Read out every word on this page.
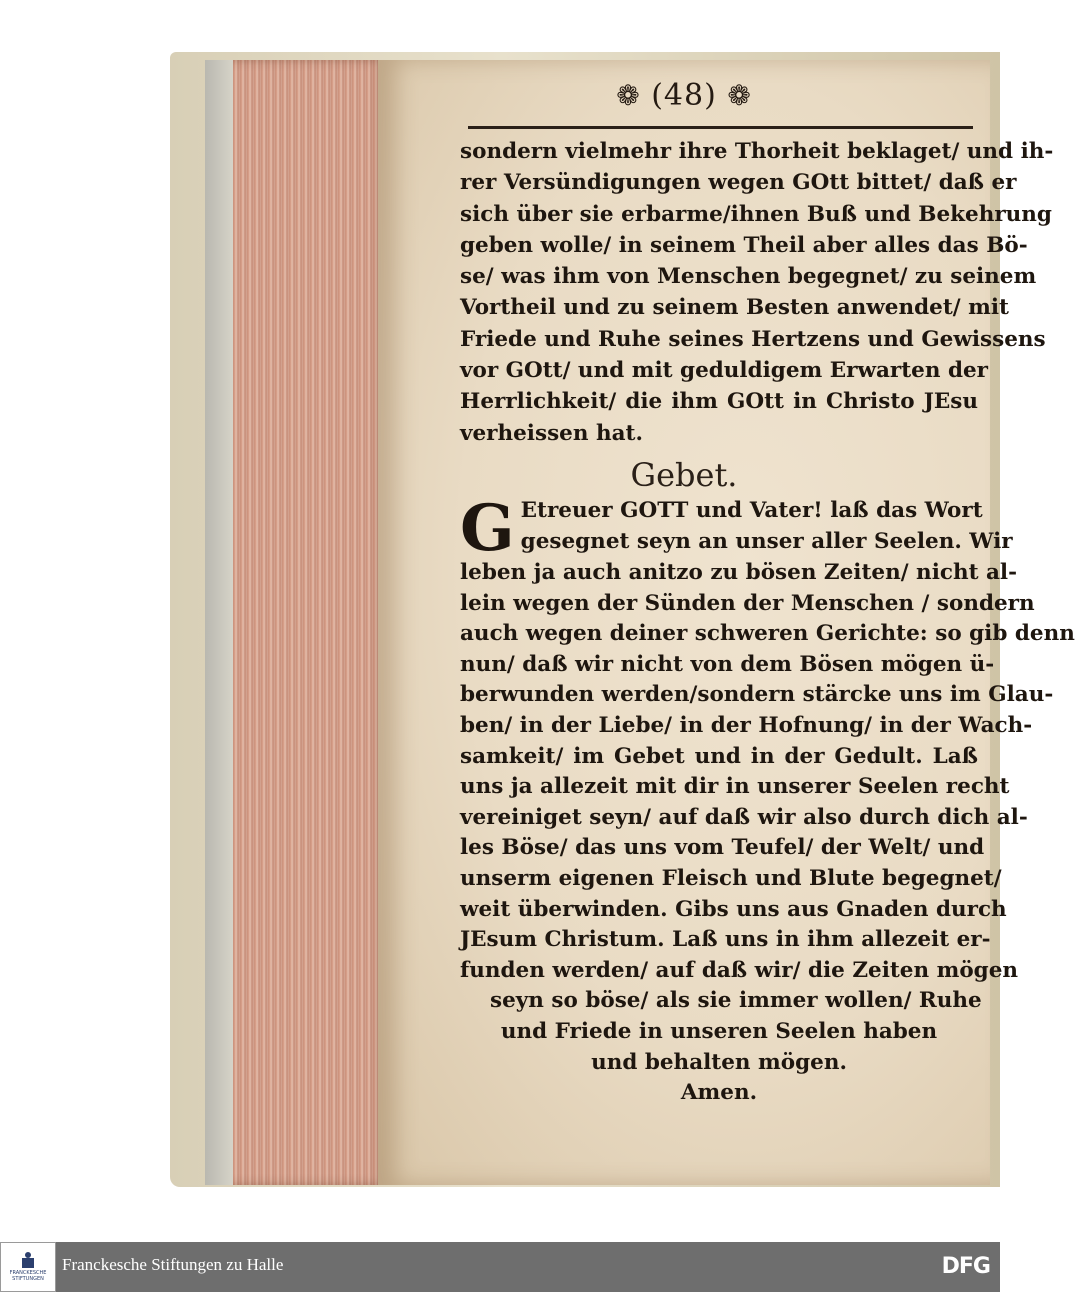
❁ (48) ❁
sondern vielmehr ihre Thorheit beklaget/ und ih-
rer Versündigungen wegen GOtt bittet/ daß er
sich über sie erbarme/ihnen Buß und Bekehrung
geben wolle/ in seinem Theil aber alles das Bö-
se/ was ihm von Menschen begegnet/ zu seinem
Vortheil und zu seinem Besten anwendet/ mit
Friede und Ruhe seines Hertzens und Gewissens
vor GOtt/ und mit geduldigem Erwarten der
Herrlichkeit/ die ihm GOtt in Christo JEsu
verheissen hat.
Gebet.
G Etreuer GOTT und Vater! laß das Wort
gesegnet seyn an unser aller Seelen. Wir
leben ja auch anitzo zu bösen Zeiten/ nicht al-
lein wegen der Sünden der Menschen / sondern
auch wegen deiner schweren Gerichte: so gib denn
nun/ daß wir nicht von dem Bösen mögen ü-
berwunden werden/sondern stärcke uns im Glau-
ben/ in der Liebe/ in der Hofnung/ in der Wach-
samkeit/ im Gebet und in der Gedult. Laß
uns ja allezeit mit dir in unserer Seelen recht
vereiniget seyn/ auf daß wir also durch dich al-
les Böse/ das uns vom Teufel/ der Welt/ und
unserm eigenen Fleisch und Blute begegnet/
weit überwinden. Gibs uns aus Gnaden durch
JEsum Christum. Laß uns in ihm allezeit er-
funden werden/ auf daß wir/ die Zeiten mögen
seyn so böse/ als sie immer wollen/ Ruhe
und Friede in unseren Seelen haben
und behalten mögen.
Amen.
FRANCKESCHE STIFTUNGEN
Franckesche Stiftungen zu Halle	DFG
